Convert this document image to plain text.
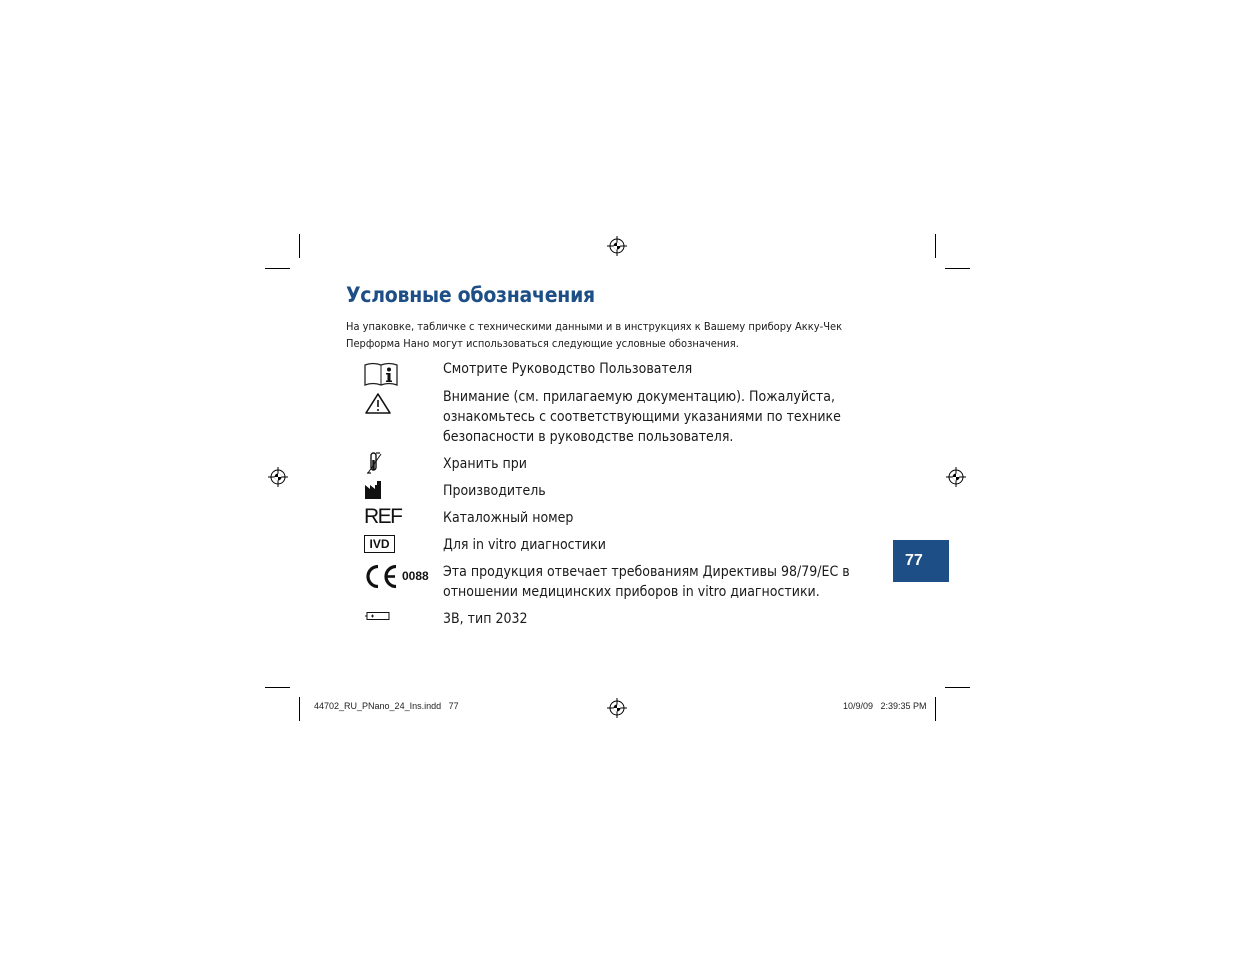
Условные обозначения

На упаковке, табличке с техническими данными и в инструкциях к Вашему прибору Акку-Чек Перформа Нано могут использоваться следующие условные обозначения.

Смотрите Руководство Пользователя

Внимание (см. прилагаемую документацию). Пожалуйста, ознакомьтесь с соответствующими указаниями по технике безопасности в руководстве пользователя.

Хранить при

Производитель

REF	Каталожный номер

IVD	Для in vitro диагностики

0088 Эта продукция отвечает требованиям Директивы 98/79/EC в отношении медицинских приборов in vitro диагностики.

3В, тип 2032

77
44702_RU_PNano_24_Ins.indd   77	10/9/09   2:39:35 PM
